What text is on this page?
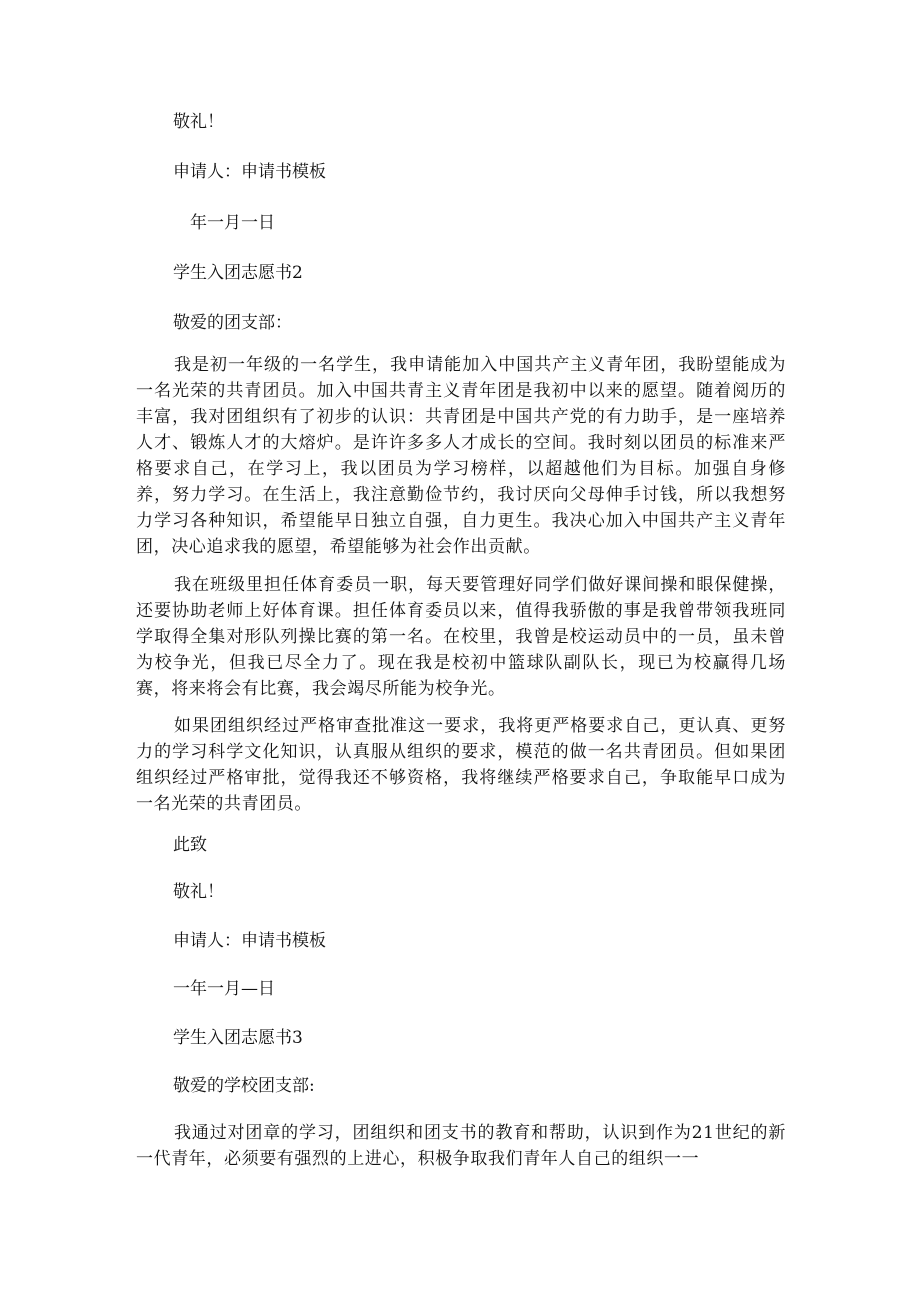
敬礼！
申请人：申请书模板
年一月一日
学生入团志愿书2
敬爱的团支部：
我是初一年级的一名学生，我申请能加入中国共产主义青年团，我盼望能成为一名光荣的共青团员。加入中国共青主义青年团是我初中以来的愿望。随着阅历的丰富，我对团组织有了初步的认识：共青团是中国共产党的有力助手，是一座培养人才、锻炼人才的大熔炉。是许许多多人才成长的空间。我时刻以团员的标准来严格要求自己，在学习上，我以团员为学习榜样，以超越他们为目标。加强自身修养，努力学习。在生活上，我注意勤俭节约，我讨厌向父母伸手讨钱，所以我想努力学习各种知识，希望能早日独立自强，自力更生。我决心加入中国共产主义青年团，决心追求我的愿望，希望能够为社会作出贡献。
我在班级里担任体育委员一职，每天要管理好同学们做好课间操和眼保健操，还要协助老师上好体育课。担任体育委员以来，值得我骄傲的事是我曾带领我班同学取得全集对形队列操比赛的第一名。在校里，我曾是校运动员中的一员，虽未曾为校争光，但我已尽全力了。现在我是校初中篮球队副队长，现已为校赢得几场赛，将来将会有比赛，我会竭尽所能为校争光。
如果团组织经过严格审查批准这一要求，我将更严格要求自己，更认真、更努力的学习科学文化知识，认真服从组织的要求，模范的做一名共青团员。但如果团组织经过严格审批，觉得我还不够资格，我将继续严格要求自己，争取能早口成为一名光荣的共青团员。
此致
敬礼！
申请人：申请书模板
一年一月—日
学生入团志愿书3
敬爱的学校团支部:
我通过对团章的学习，团组织和团支书的教育和帮助，认识到作为21世纪的新一代青年，必须要有强烈的上进心，积极争取我们青年人自己的组织一一
